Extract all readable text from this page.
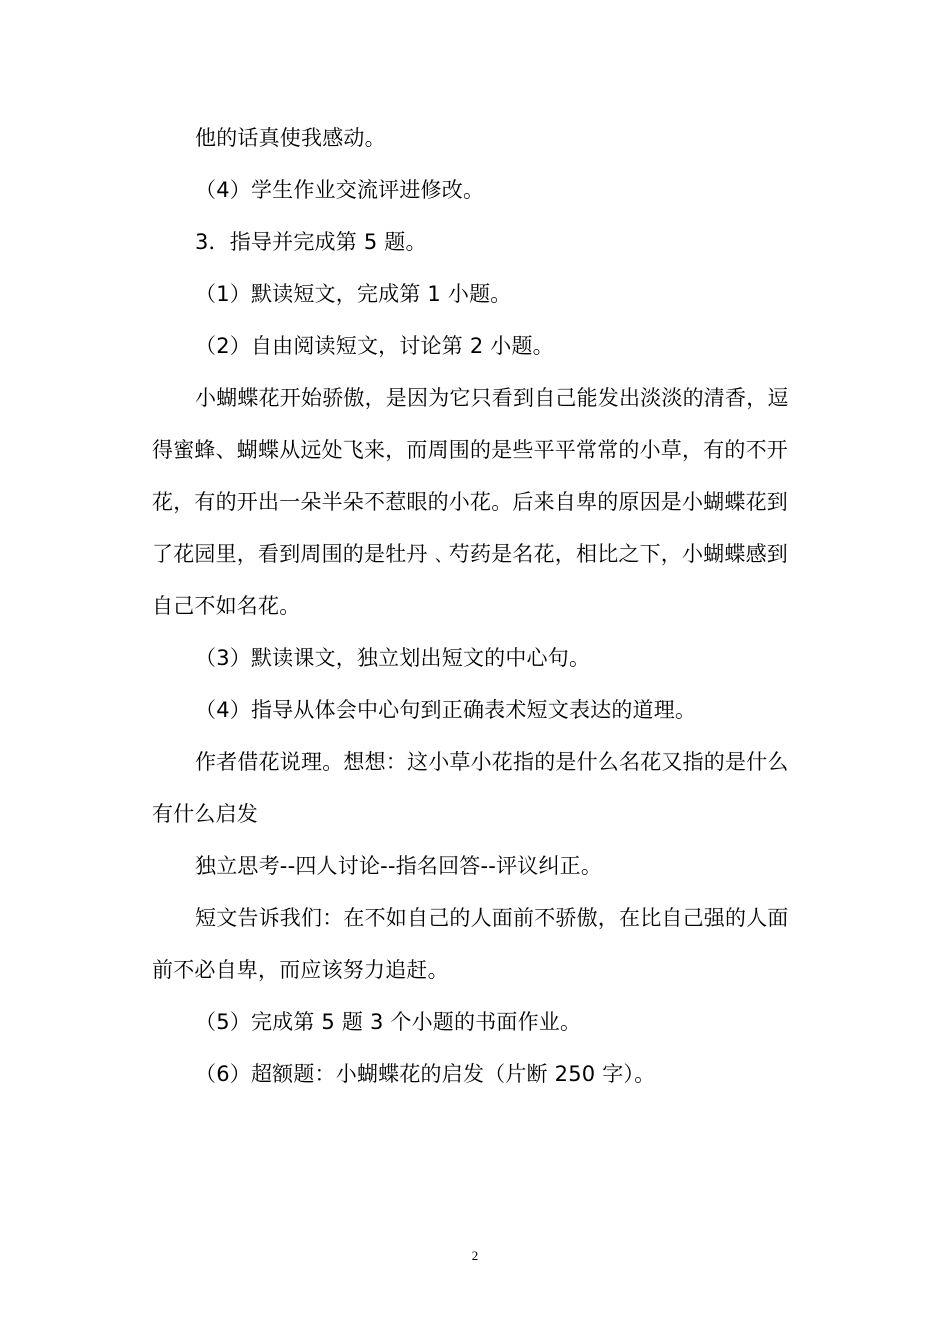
他的话真使我感动。

（4）学生作业交流评进修改。

3．指导并完成第 5 题。

（1）默读短文，完成第 1 小题。

（2）自由阅读短文，讨论第 2 小题。

小蝴蝶花开始骄傲，是因为它只看到自己能发出淡淡的清香，逗得蜜蜂、蝴蝶从远处飞来，而周围的是些平平常常的小草，有的不开花，有的开出一朵半朵不惹眼的小花。后来自卑的原因是小蝴蝶花到了花园里，看到周围的是牡丹﹑芍药是名花，相比之下，小蝴蝶感到自己不如名花。

（3）默读课文，独立划出短文的中心句。

（4）指导从体会中心句到正确表术短文表达的道理。

作者借花说理。想想：这小草小花指的是什么名花又指的是什么有什么启发

独立思考--四人讨论--指名回答--评议纠正。

短文告诉我们：在不如自己的人面前不骄傲，在比自己强的人面前不必自卑，而应该努力追赶。

（5）完成第 5 题 3 个小题的书面作业。

（6）超额题：小蝴蝶花的启发（片断 250 字）。

2
